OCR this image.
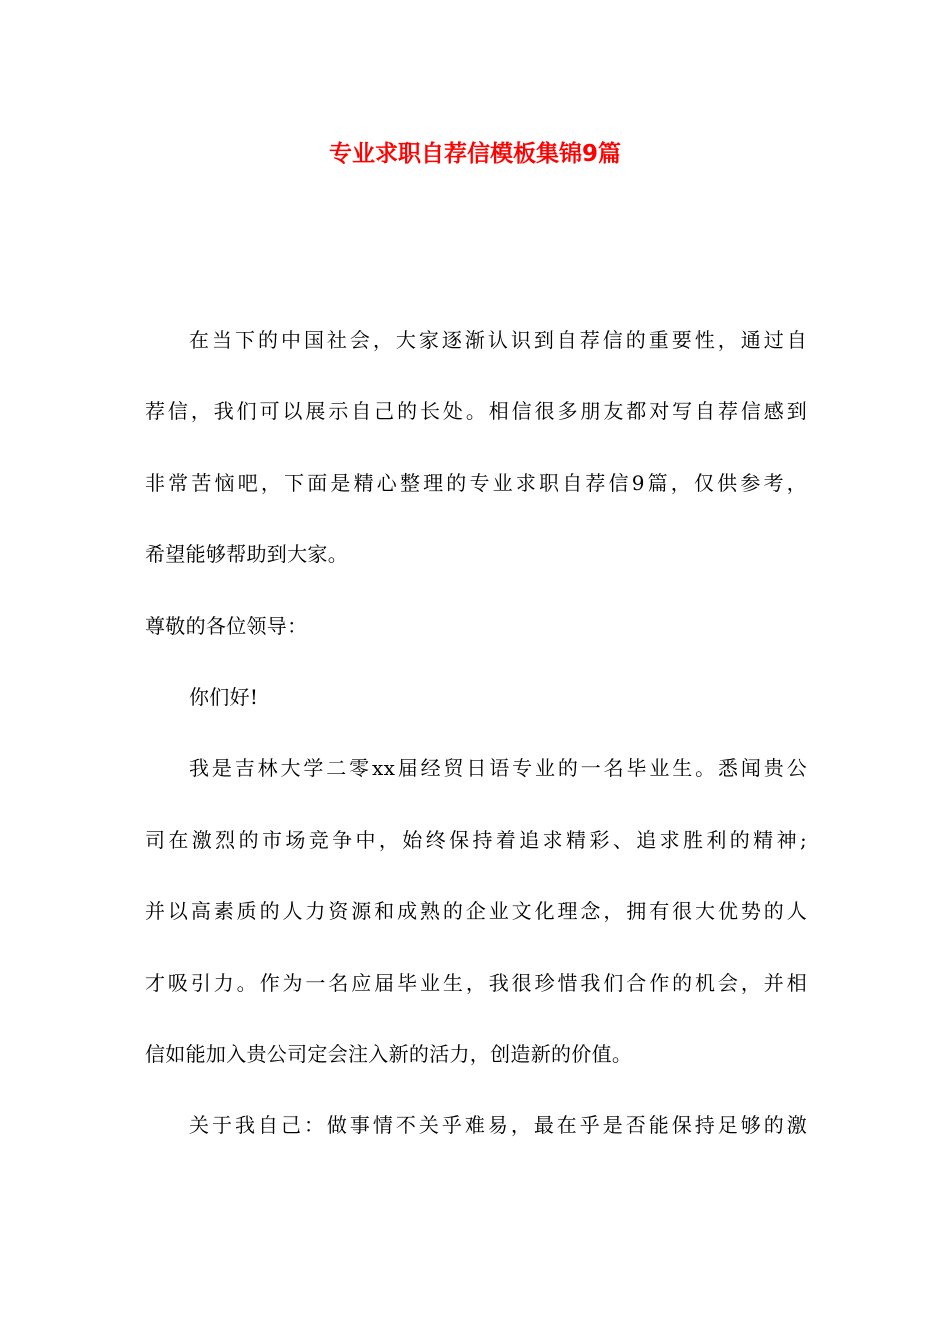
专业求职自荐信模板集锦9篇
在当下的中国社会，大家逐渐认识到自荐信的重要性，通过自
荐信，我们可以展示自己的长处。相信很多朋友都对写自荐信感到
非常苦恼吧，下面是精心整理的专业求职自荐信9篇，仅供参考，
希望能够帮助到大家。
尊敬的各位领导：
你们好!
我是吉林大学二零xx届经贸日语专业的一名毕业生。悉闻贵公
司在激烈的市场竞争中，始终保持着追求精彩、追求胜利的精神;
并以高素质的人力资源和成熟的企业文化理念，拥有很大优势的人
才吸引力。作为一名应届毕业生，我很珍惜我们合作的机会，并相
信如能加入贵公司定会注入新的活力，创造新的价值。
关于我自己：做事情不关乎难易，最在乎是否能保持足够的激
